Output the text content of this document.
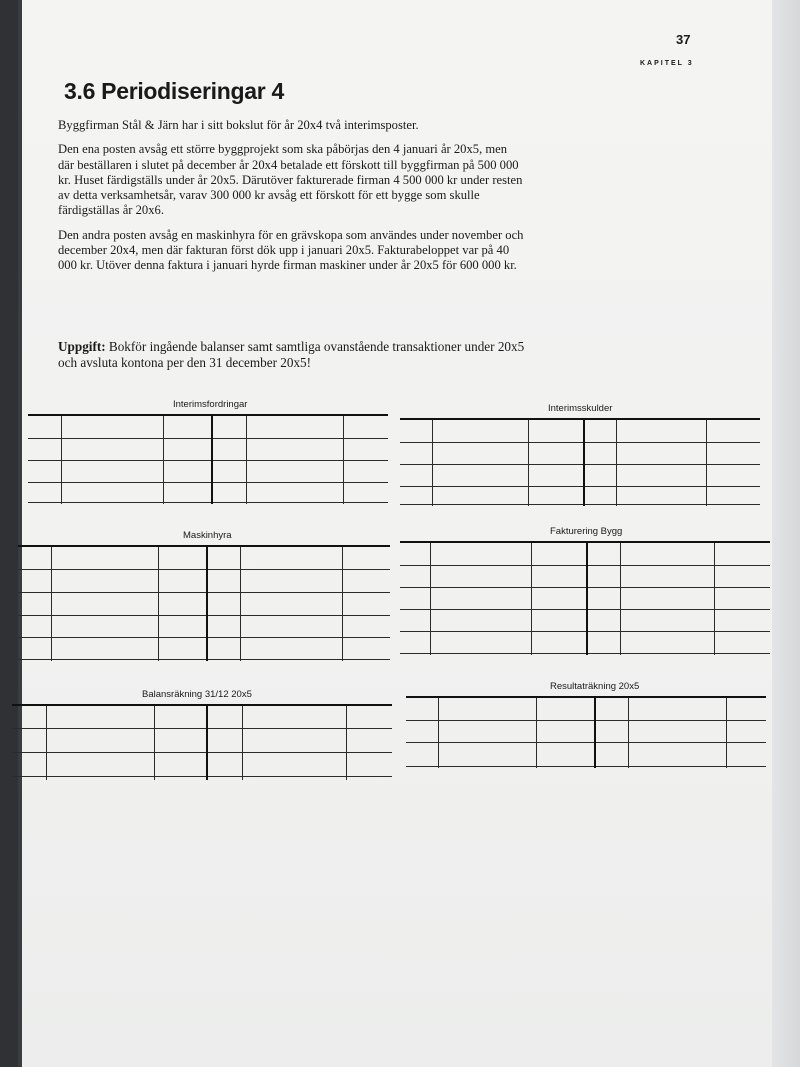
37
KAPITEL 3
3.6 Periodiseringar 4

Byggfirman Stål & Järn har i sitt bokslut för år 20x4 två interimsposter.

Den ena posten avsåg ett större byggprojekt som ska påbörjas den 4 januari år 20x5, men där beställaren i slutet på december år 20x4 betalade ett förskott till byggfirman på 500 000 kr. Huset färdigställs under år 20x5. Därutöver fakturerade firman 4 500 000 kr under resten av detta verksamhetsår, varav 300 000 kr avsåg ett förskott för ett bygge som skulle färdigställas år 20x6.

Den andra posten avsåg en maskinhyra för en grävskopa som användes under november och december 20x4, men där fakturan först dök upp i januari 20x5. Fakturabeloppet var på 40 000 kr. Utöver denna faktura i januari hyrde firman maskiner under år 20x5 för 600 000 kr.

Uppgift: Bokför ingående balanser samt samtliga ovanstående transaktioner under 20x5 och avsluta kontona per den 31 december 20x5!

Interimsfordringar	Interimsskulder
Maskinhyra	Fakturering Bygg
Balansräkning 31/12 20x5
Resultaträkning 20x5
